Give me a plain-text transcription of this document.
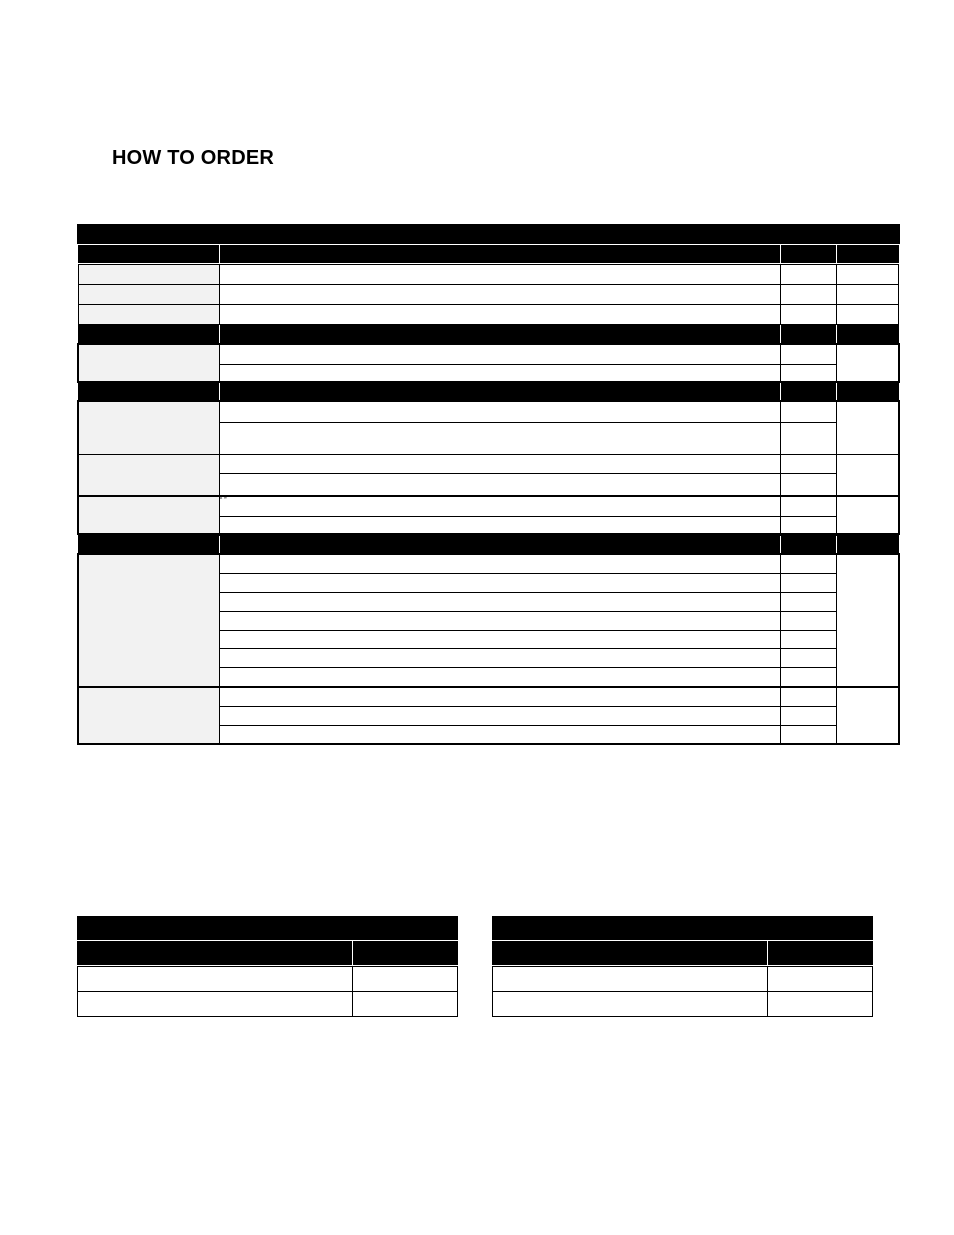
HOW TO ORDER
“ ”
